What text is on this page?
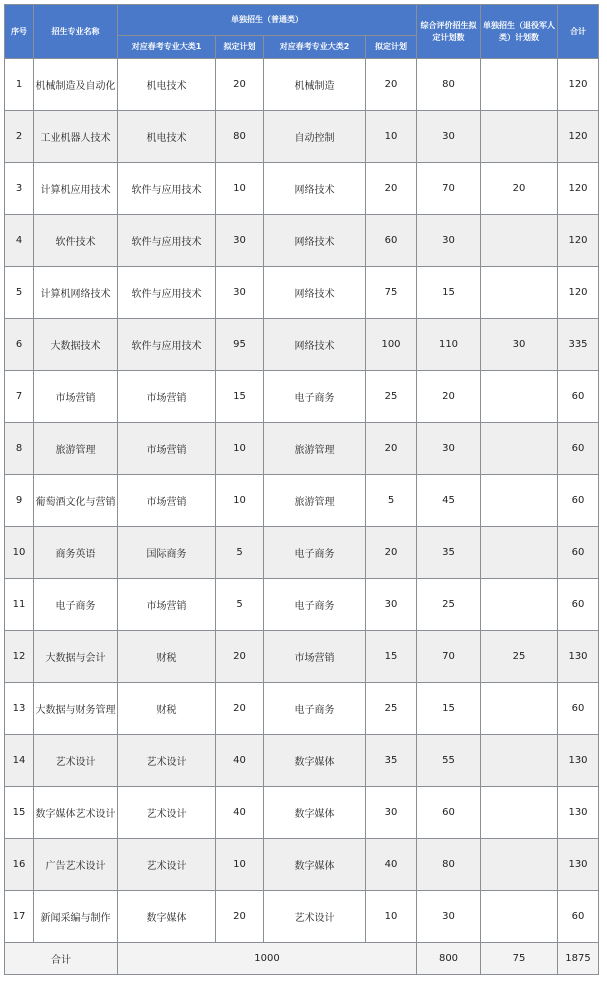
序号	招生专业名称	单独招生（普通类）				综合评价招生拟定计划数	单独招生（退役军人类）计划数	合计
		对应春考专业大类1	拟定计划	对应春考专业大类2	拟定计划			
1	机械制造及自动化	机电技术	20	机械制造	20	80		120
2	工业机器人技术	机电技术	80	自动控制	10	30		120
3	计算机应用技术	软件与应用技术	10	网络技术	20	70	20	120
4	软件技术	软件与应用技术	30	网络技术	60	30		120
5	计算机网络技术	软件与应用技术	30	网络技术	75	15		120
6	大数据技术	软件与应用技术	95	网络技术	100	110	30	335
7	市场营销	市场营销	15	电子商务	25	20		60
8	旅游管理	市场营销	10	旅游管理	20	30		60
9	葡萄酒文化与营销	市场营销	10	旅游管理	5	45		60
10	商务英语	国际商务	5	电子商务	20	35		60
11	电子商务	市场营销	5	电子商务	30	25		60
12	大数据与会计	财税	20	市场营销	15	70	25	130
13	大数据与财务管理	财税	20	电子商务	25	15		60
14	艺术设计	艺术设计	40	数字媒体	35	55		130
15	数字媒体艺术设计	艺术设计	40	数字媒体	30	60		130
16	广告艺术设计	艺术设计	10	数字媒体	40	80		130
17	新闻采编与制作	数字媒体	20	艺术设计	10	30		60
合计		1000				800	75	1875
